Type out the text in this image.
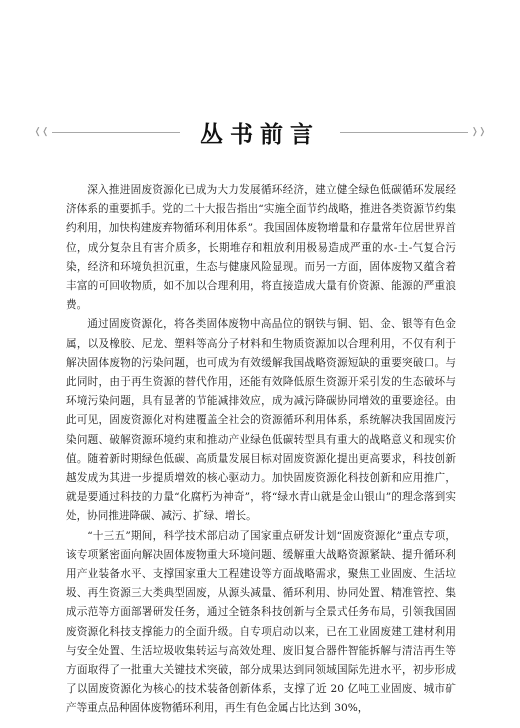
❬❬	丛书前言	❭❭

深入推进固废资源化已成为大力发展循环经济，建立健全绿色低碳循环发展经济体系的重要抓手。党的二十大报告指出“实施全面节约战略，推进各类资源节约集约利用，加快构建废弃物循环利用体系”。我国固体废物增量和存量常年位居世界首位，成分复杂且有害介质多，长期堆存和粗放利用极易造成严重的水-土-气复合污染，经济和环境负担沉重，生态与健康风险显现。而另一方面，固体废物又蕴含着丰富的可回收物质，如不加以合理利用，将直接造成大量有价资源、能源的严重浪费。

通过固废资源化，将各类固体废物中高品位的钢铁与铜、铝、金、银等有色金属，以及橡胶、尼龙、塑料等高分子材料和生物质资源加以合理利用，不仅有利于解决固体废物的污染问题，也可成为有效缓解我国战略资源短缺的重要突破口。与此同时，由于再生资源的替代作用，还能有效降低原生资源开采引发的生态破坏与环境污染问题，具有显著的节能减排效应，成为减污降碳协同增效的重要途径。由此可见，固废资源化对构建覆盖全社会的资源循环利用体系，系统解决我国固废污染问题、破解资源环境约束和推动产业绿色低碳转型具有重大的战略意义和现实价值。随着新时期绿色低碳、高质量发展目标对固废资源化提出更高要求，科技创新越发成为其进一步提质增效的核心驱动力。加快固废资源化科技创新和应用推广，就是要通过科技的力量“化腐朽为神奇”，将“绿水青山就是金山银山”的理念落到实处，协同推进降碳、减污、扩绿、增长。

“十三五”期间，科学技术部启动了国家重点研发计划“固废资源化”重点专项，该专项紧密面向解决固体废物重大环境问题、缓解重大战略资源紧缺、提升循环利用产业装备水平、支撑国家重大工程建设等方面战略需求，聚焦工业固废、生活垃圾、再生资源三大类典型固废，从源头减量、循环利用、协同处置、精准管控、集成示范等方面部署研发任务，通过全链条科技创新与全景式任务布局，引领我国固废资源化科技支撑能力的全面升级。自专项启动以来，已在工业固废建工建材利用与安全处置、生活垃圾收集转运与高效处理、废旧复合器件智能拆解与清洁再生等方面取得了一批重大关键技术突破，部分成果达到同领域国际先进水平，初步形成了以固废资源化为核心的技术装备创新体系，支撑了近 20 亿吨工业固废、城市矿产等重点品种固体废物循环利用，再生有色金属占比达到 30%，
